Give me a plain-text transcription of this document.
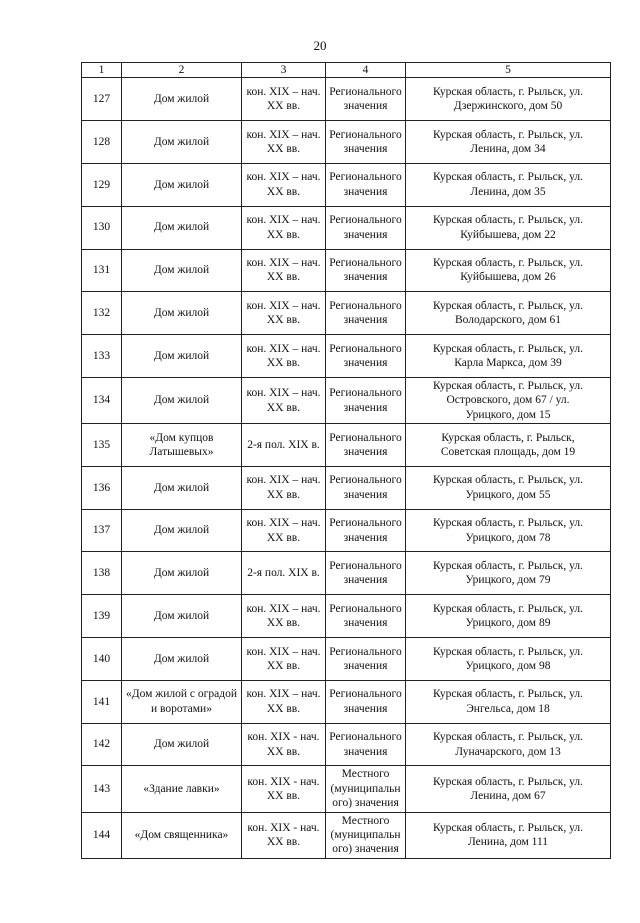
20
1	2	3	4	5

127	Дом жилой	кон. XIX – нач.
XX вв.	Регионального
значения	Курская область, г. Рыльск, ул.
Дзержинского, дом 50

128	Дом жилой	кон. XIX – нач.
XX вв.	Регионального
значения	Курская область, г. Рыльск, ул.
Ленина, дом 34

129	Дом жилой	кон. XIX – нач.
XX вв.	Регионального
значения	Курская область, г. Рыльск, ул.
Ленина, дом 35

130	Дом жилой	кон. XIX – нач.
XX вв.	Регионального
значения	Курская область, г. Рыльск, ул.
Куйбышева, дом 22

131	Дом жилой	кон. XIX – нач.
XX вв.	Регионального
значения	Курская область, г. Рыльск, ул.
Куйбышева, дом 26

132	Дом жилой	кон. XIX – нач.
XX вв.	Регионального
значения	Курская область, г. Рыльск, ул.
Володарского, дом 61

133	Дом жилой	кон. XIX – нач.
XX вв.	Регионального
значения	Курская область, г. Рыльск, ул.
Карла Маркса, дом 39

134	Дом жилой	кон. XIX – нач.
XX вв.	Регионального
значения	Курская область, г. Рыльск, ул.
Островского, дом 67 / ул.
Урицкого, дом 15

135	«Дом купцов
Латышевых»	2-я пол. XIX в.	Регионального
значения	Курская область, г. Рыльск,
Советская площадь, дом 19

136	Дом жилой	кон. XIX – нач.
XX вв.	Регионального
значения	Курская область, г. Рыльск, ул.
Урицкого, дом 55

137	Дом жилой	кон. XIX – нач.
XX вв.	Регионального
значения	Курская область, г. Рыльск, ул.
Урицкого, дом 78

138	Дом жилой	2-я пол. XIX в.	Регионального
значения	Курская область, г. Рыльск, ул.
Урицкого, дом 79

139	Дом жилой	кон. XIX – нач.
XX вв.	Регионального
значения	Курская область, г. Рыльск, ул.
Урицкого, дом 89

140	Дом жилой	кон. XIX – нач.
XX вв.	Регионального
значения	Курская область, г. Рыльск, ул.
Урицкого, дом 98

141	«Дом жилой с оградой
и воротами»	кон. XIX – нач.
XX вв.	Регионального
значения	Курская область, г. Рыльск, ул.
Энгельса, дом 18

142	Дом жилой	кон. XIX - нач.
XX вв.	Регионального
значения	Курская область, г. Рыльск, ул.
Луначарского, дом 13

143	«Здание лавки»	кон. XIX - нач.
XX вв.	Местного
(муниципальн
ого) значения	Курская область, г. Рыльск, ул.
Ленина, дом 67

144	«Дом священника»	кон. XIX - нач.
XX вв.	Местного
(муниципальн
ого) значения	Курская область, г. Рыльск, ул.
Ленина, дом 111
